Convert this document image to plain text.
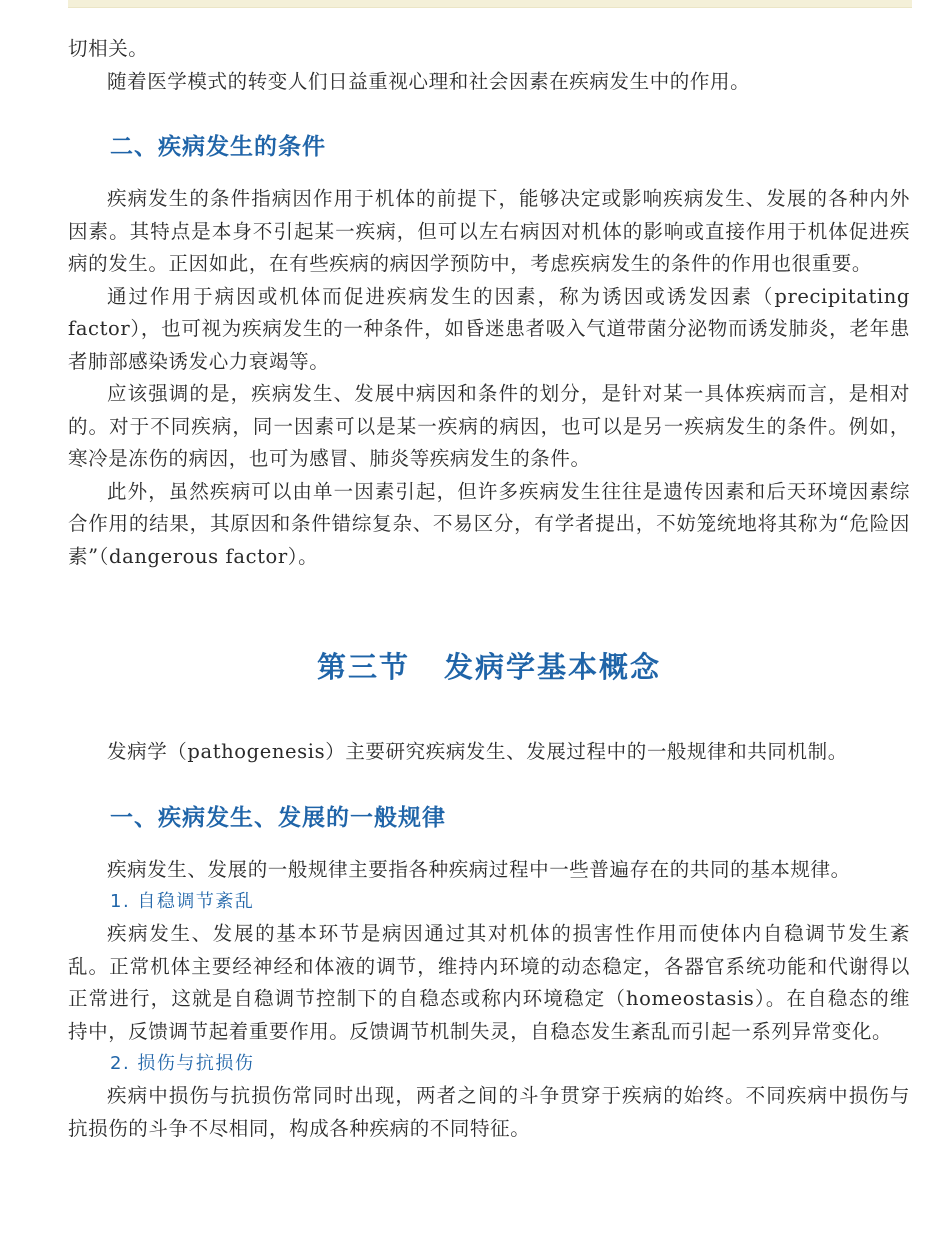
切相关。

随着医学模式的转变人们日益重视心理和社会因素在疾病发生中的作用。

二、疾病发生的条件

疾病发生的条件指病因作用于机体的前提下，能够决定或影响疾病发生、发展的各种内外因素。其特点是本身不引起某一疾病，但可以左右病因对机体的影响或直接作用于机体促进疾病的发生。正因如此，在有些疾病的病因学预防中，考虑疾病发生的条件的作用也很重要。

通过作用于病因或机体而促进疾病发生的因素，称为诱因或诱发因素（precipitating factor），也可视为疾病发生的一种条件，如昏迷患者吸入气道带菌分泌物而诱发肺炎，老年患者肺部感染诱发心力衰竭等。

应该强调的是，疾病发生、发展中病因和条件的划分，是针对某一具体疾病而言，是相对的。对于不同疾病，同一因素可以是某一疾病的病因，也可以是另一疾病发生的条件。例如，寒冷是冻伤的病因，也可为感冒、肺炎等疾病发生的条件。

此外，虽然疾病可以由单一因素引起，但许多疾病发生往往是遗传因素和后天环境因素综合作用的结果，其原因和条件错综复杂、不易区分，有学者提出，不妨笼统地将其称为“危险因素”（dangerous factor）。

第三节 发病学基本概念

发病学（pathogenesis）主要研究疾病发生、发展过程中的一般规律和共同机制。

一、疾病发生、发展的一般规律

疾病发生、发展的一般规律主要指各种疾病过程中一些普遍存在的共同的基本规律。

1. 自稳调节紊乱

疾病发生、发展的基本环节是病因通过其对机体的损害性作用而使体内自稳调节发生紊乱。正常机体主要经神经和体液的调节，维持内环境的动态稳定，各器官系统功能和代谢得以正常进行，这就是自稳调节控制下的自稳态或称内环境稳定（homeostasis）。在自稳态的维持中，反馈调节起着重要作用。反馈调节机制失灵，自稳态发生紊乱而引起一系列异常变化。

2. 损伤与抗损伤

疾病中损伤与抗损伤常同时出现，两者之间的斗争贯穿于疾病的始终。不同疾病中损伤与抗损伤的斗争不尽相同，构成各种疾病的不同特征。
